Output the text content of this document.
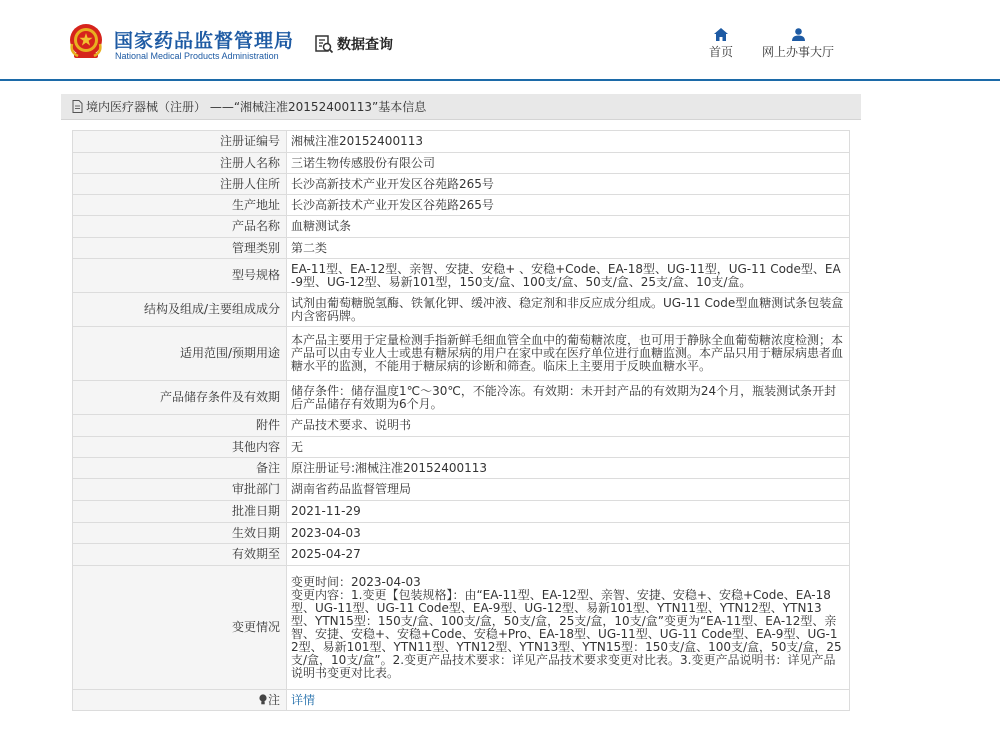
国家药品监督管理局
National Medical Products Administration
数据查询	首页	网上办事大厅
境内医疗器械（注册） ——“湘械注准20152400113”基本信息
注册证编号	湘械注准20152400113
注册人名称	三诺生物传感股份有限公司
注册人住所	长沙高新技术产业开发区谷苑路265号
生产地址	长沙高新技术产业开发区谷苑路265号
产品名称	血糖测试条
管理类别	第二类
型号规格	EA-11型、EA-12型、亲智、安捷、安稳+ 、安稳+Code、EA-18型、UG-11型，UG-11 Code型、EA-9型、UG-12型、易新101型，150支/盒、100支/盒、50支/盒、25支/盒、10支/盒。
结构及组成/主要组成成分	试剂由葡萄糖脱氢酶、铁氰化钾、缓冲液、稳定剂和非反应成分组成。UG-11 Code型血糖测试条包装盒内含密码牌。
适用范围/预期用途	本产品主要用于定量检测手指新鲜毛细血管全血中的葡萄糖浓度，也可用于静脉全血葡萄糖浓度检测；本产品可以由专业人士或患有糖尿病的用户在家中或在医疗单位进行血糖监测。本产品只用于糖尿病患者血糖水平的监测，不能用于糖尿病的诊断和筛查。临床上主要用于反映血糖水平。
产品储存条件及有效期	储存条件：储存温度1℃～30℃，不能冷冻。有效期：未开封产品的有效期为24个月，瓶装测试条开封后产品储存有效期为6个月。
附件	产品技术要求、说明书
其他内容	无
备注	原注册证号:湘械注准20152400113
审批部门	湖南省药品监督管理局
批准日期	2021-11-29
生效日期	2023-04-03
有效期至	2025-04-27
变更情况	变更时间：2023-04-03
变更内容：1.变更【包装规格】：由“EA-11型、EA-12型、亲智、安捷、安稳+、安稳+Code、EA-18型、UG-11型、UG-11 Code型、EA-9型、UG-12型、易新101型、YTN11型、YTN12型、YTN13型、YTN15型：150支/盒、100支/盒，50支/盒，25支/盒，10支/盒”变更为“EA-11型、EA-12型、亲智、安捷、安稳+、安稳+Code、安稳+Pro、EA-18型、UG-11型、UG-11 Code型、EA-9型、UG-12型、易新101型、YTN11型、YTN12型、YTN13型、YTN15型：150支/盒、100支/盒，50支/盒，25支/盒，10支/盒”。2.变更产品技术要求：详见产品技术要求变更对比表。3.变更产品说明书：详见产品说明书变更对比表。

注	详情
